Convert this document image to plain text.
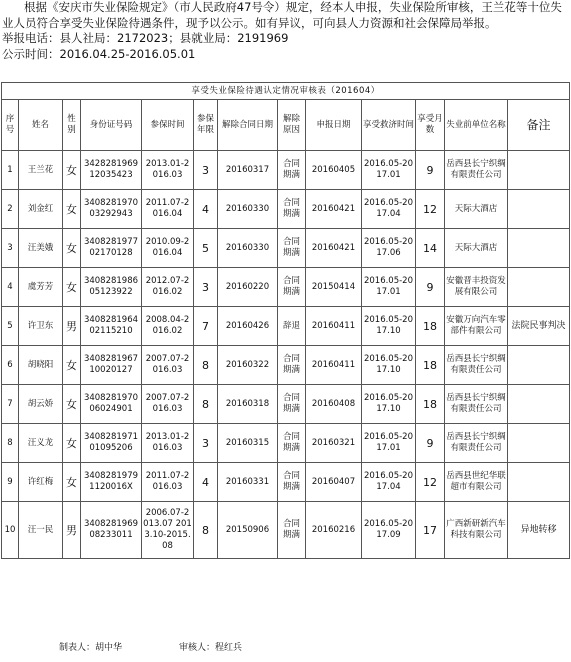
根据《安庆市失业保险规定》（市人民政府47号令）规定，经本人申报，失业保险所审核，王兰花等十位失业人员符合享受失业保险待遇条件，现予以公示。如有异议，可向县人力资源和社会保障局举报。

举报电话：县人社局：2172023；县就业局：2191969

公示时间：2016.04.25-2016.05.01

享受失业保险待遇认定情况审核表（201604）												
序号	姓名	性别	身份证号码	参保时间	参保年限	解除合同日期	解除原因	申报日期	享受救济时间	享受月数	失业前单位名称	备注
1	王兰花	女	342828196912035423	2013.01-2016.03	3	20160317	合同期满	20160405	2016.05-2017.01	9	岳西县长宁织绸有限责任公司	
2	刘金红	女	340828197003292943	2011.07-2016.04	4	20160330	合同期满	20160421	2016.05-2017.04	12	天际大酒店	
3	汪美娥	女	340828197702170128	2010.09-2016.04	5	20160330	合同期满	20160421	2016.05-2017.06	14	天际大酒店	
4	虞芳芳	女	340828198605123922	2012.07-2016.02	3	20160220	合同期满	20150414	2016.05-2017.01	9	安徽晋丰投资发展有限公司	
5	许卫东	男	340828196402115210	2008.04-2016.02	7	20160426	辞退	20160411	2016.05-2017.10	18	安徽万向汽车零部件有限公司	法院民事判决
6	胡晓阳	女	340828196710020127	2007.07-2016.03	8	20160322	合同期满	20160411	2016.05-2017.10	18	岳西县长宁织绸有限责任公司	
7	胡云娇	女	340828197006024901	2007.07-2016.03	8	20160318	合同期满	20160408	2016.05-2017.10	18	岳西县长宁织绸有限责任公司	
8	汪义龙	女	340828197101095206	2013.01-2016.03	3	20160315	合同期满	20160321	2016.05-2017.01	9	岳西县长宁织绸有限责任公司	
9	许红梅	女	34082819791120016X	2011.07-2016.03	4	20160331	合同期满	20160407	2016.05-2017.04	12	岳西县世纪华联超市有限公司	
10	汪一民	男	340828196908233011	2006.07-2013.07 2013.10-2015.08	8	20150906	合同期满	20160216	2016.05-2017.09	17	广西新研新汽车科技有限公司	异地转移
制表人：胡中华	审核人：程红兵
